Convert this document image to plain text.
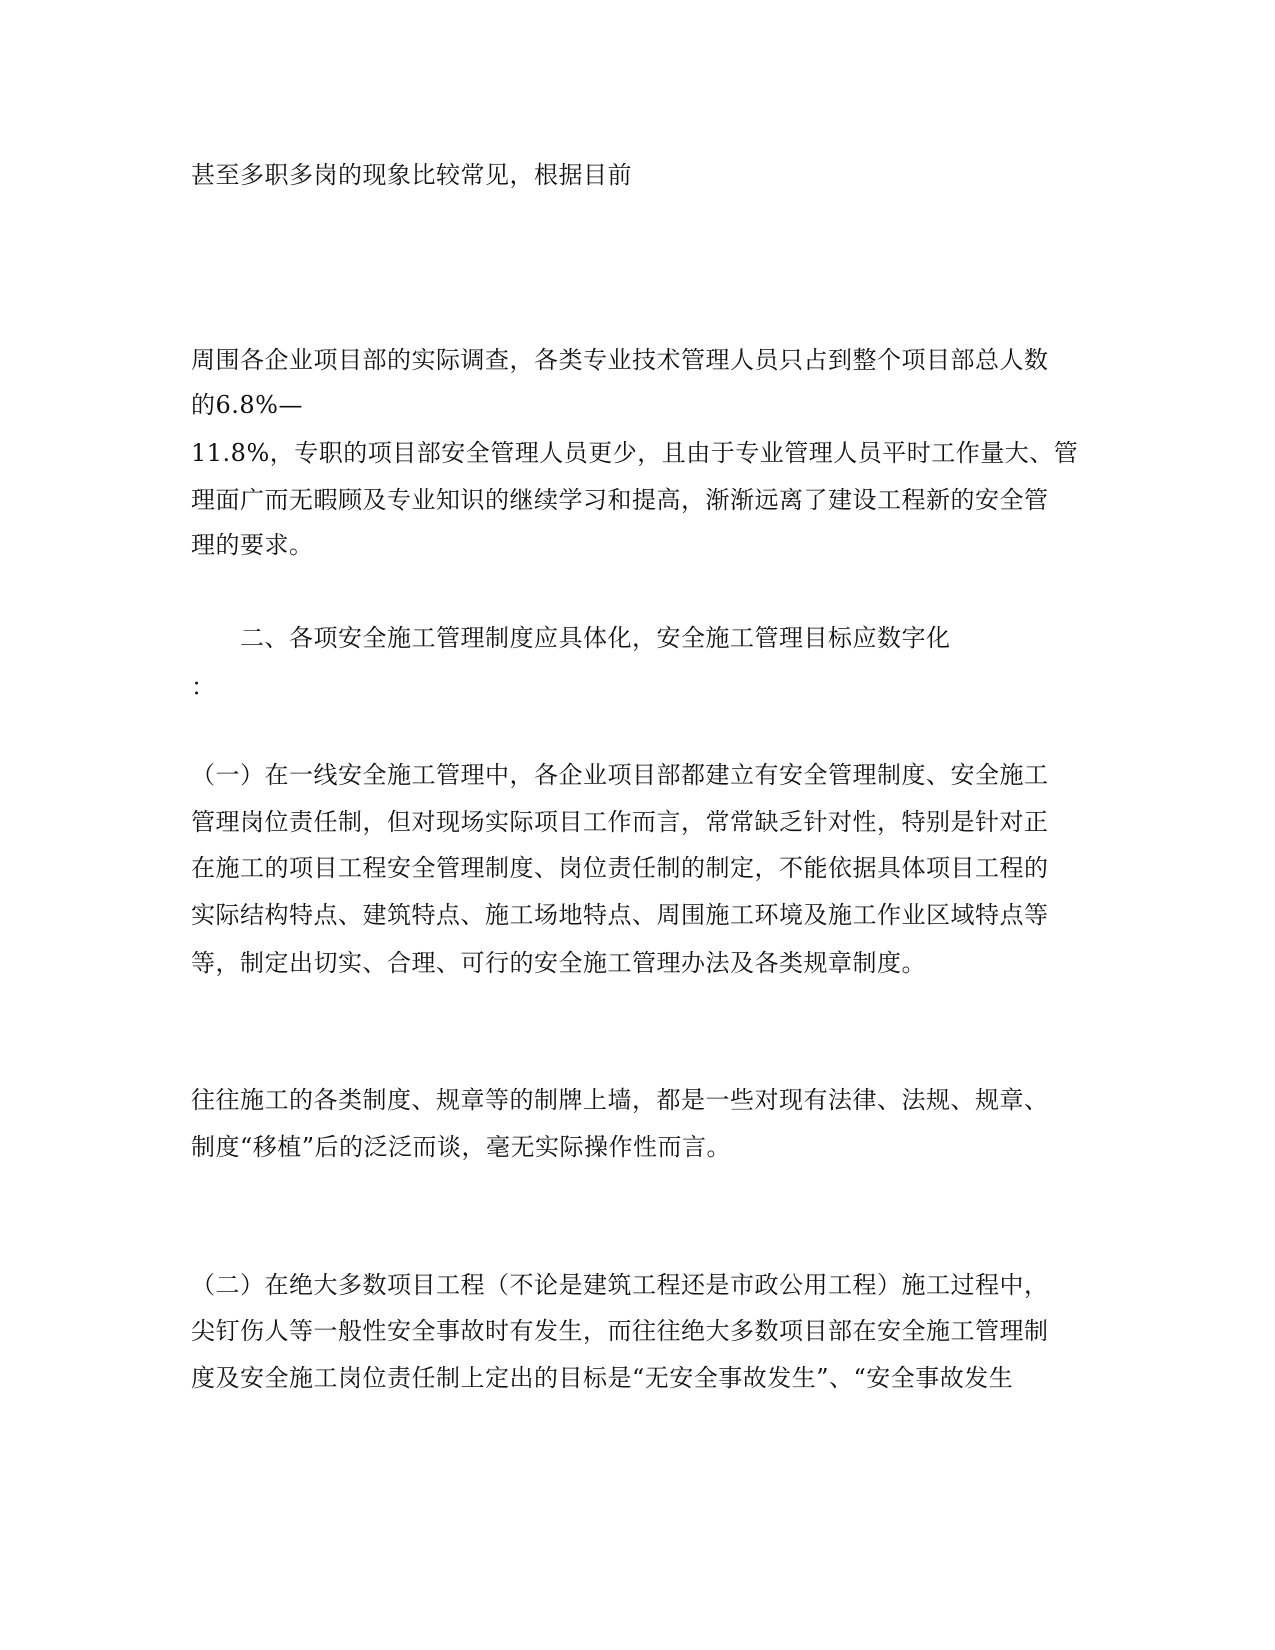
甚至多职多岗的现象比较常见，根据目前
周围各企业项目部的实际调查，各类专业技术管理人员只占到整个项目部总人数
的6.8%—
11.8%，专职的项目部安全管理人员更少，且由于专业管理人员平时工作量大、管
理面广而无暇顾及专业知识的继续学习和提高，渐渐远离了建设工程新的安全管
理的要求。
二、各项安全施工管理制度应具体化，安全施工管理目标应数字化
：
（一）在一线安全施工管理中，各企业项目部都建立有安全管理制度、安全施工
管理岗位责任制，但对现场实际项目工作而言，常常缺乏针对性，特别是针对正
在施工的项目工程安全管理制度、岗位责任制的制定，不能依据具体项目工程的
实际结构特点、建筑特点、施工场地特点、周围施工环境及施工作业区域特点等
等，制定出切实、合理、可行的安全施工管理办法及各类规章制度。
往往施工的各类制度、规章等的制牌上墙，都是一些对现有法律、法规、规章、
制度“移植”后的泛泛而谈，毫无实际操作性而言。
（二）在绝大多数项目工程（不论是建筑工程还是市政公用工程）施工过程中，
尖钉伤人等一般性安全事故时有发生，而往往绝大多数项目部在安全施工管理制
度及安全施工岗位责任制上定出的目标是“无安全事故发生”、“安全事故发生
